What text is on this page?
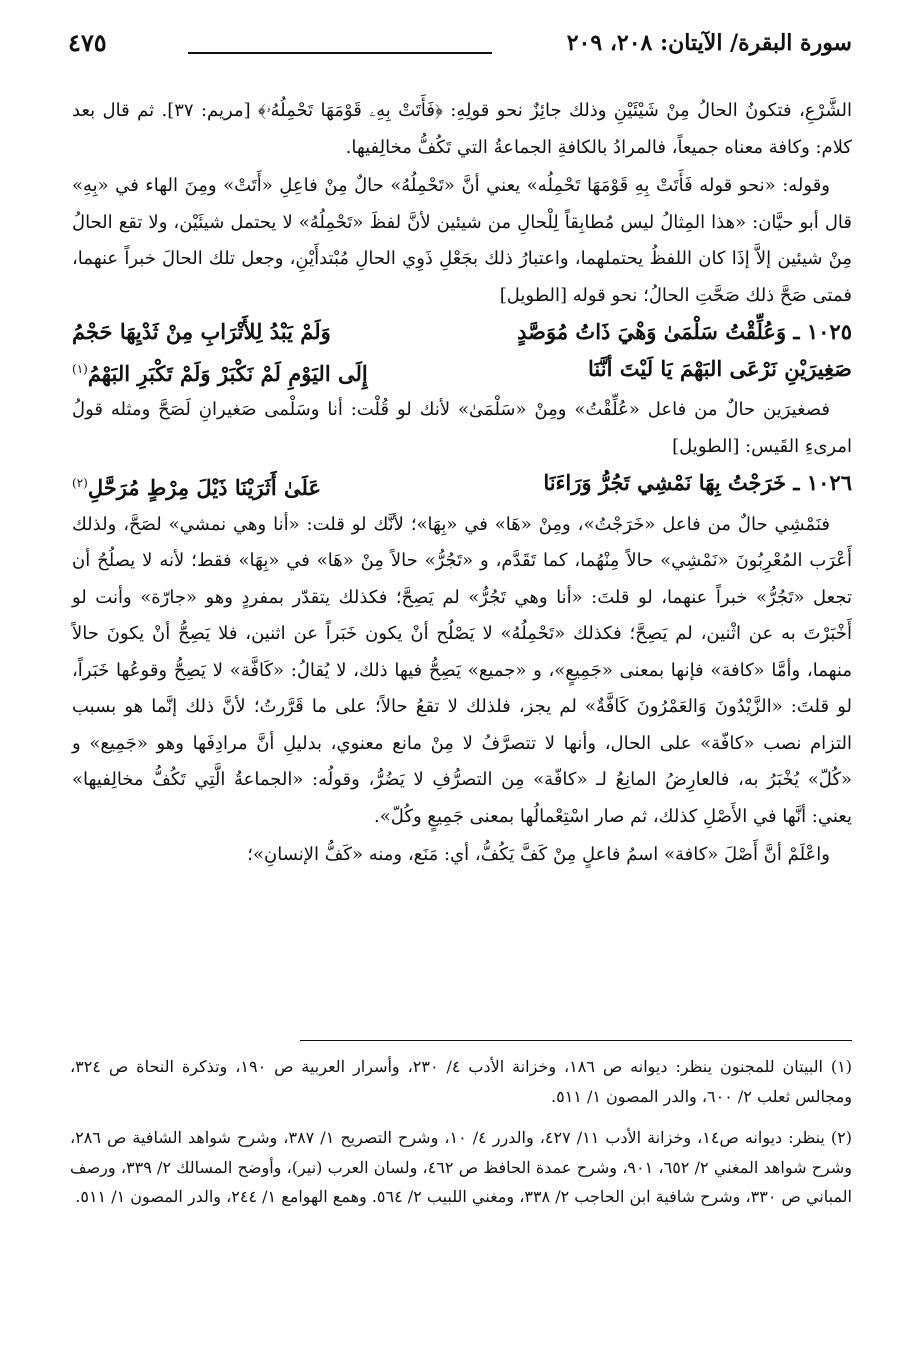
سورة البقرة/ الآيتان: ٢٠٨، ٢٠٩
٤٧٥

الشَّرْعِ، فتكونُ الحالُ مِنْ شَيْئَيْنِ وذلك جائِزٌ نحو قولِهِ: ﴿فَأَتَتْ بِهِۦ قَوْمَهَا تَحْمِلُهُۥ﴾ [مريم: ٣٧]. ثم قال بعد كلام: وكافة معناه جميعاً، فالمرادُ بالكافةِ الجماعةُ التي تَكُفُّ مخالِفيها.

وقوله: «نحو قوله فَأَتَتْ بِهِ قَوْمَهَا تَحْمِلُه» يعني أنَّ «تَحْمِلُهُ» حالٌ مِنْ فاعِلِ «أَتَتْ» ومِنَ الهاء في «بِهِ» قال أبو حيَّان: «هذا المِثالُ ليس مُطابِقاً لِلْحالِ من شيئين لأنَّ لفظَ «تَحْمِلُهُ» لا يحتمل شيئَيْن، ولا تقع الحالُ مِنْ شيئين إلاَّ إذَا كان اللفظُ يحتملهما، واعتبارُ ذلك بجَعْلِ ذَوِي الحالِ مُبْتدأَيْنِ، وجعل تلك الحالَ خبراً عنهما، فمتى صَحَّ ذلك صَحَّتِ الحالُ؛ نحو قوله [الطويل]

١٠٢٥ ـ وَعُلِّقْتُ سَلْمَىٰ وَهْيَ ذَاتُ مُوَصَّدٍ
وَلَمْ يَبْدُ لِلأَتْرَابِ مِنْ ثَدْيِهَا حَجْمُ
صَغِيرَيْنِ نَرْعَى البَهْمَ يَا لَيْتَ أنَّنَا
إِلَى اليَوْمِ لَمْ نَكْبَرْ وَلَمْ تَكْبَرِ البَهْمُ$^{(١)}$

فصغيرَين حالٌ من فاعل «عُلِّقْتُ» ومِنْ «سَلْمَىٰ» لأنك لو قُلْت: أنا وسَلْمى صَغيرانِ لَصَحَّ ومثله قولُ امرىءِ القَيس: [الطويل]

١٠٢٦ ـ خَرَجْتُ بِهَا نَمْشِي تَجُرُّ وَرَاءَنَا
عَلَىٰ أَثَرَيْنَا ذَيْلَ مِرْطٍ مُرَحَّلِ$^{(٢)}$

فنَمْشِي حالٌ من فاعل «خَرَجْتُ»، ومِنْ «هَا» في «بِهَا»؛ لأنَّك لو قلت: «أنا وهي نمشي» لصَحَّ، ولذلك أَعْرَب المُعْرِبُونَ «نَمْشِي» حالاً مِنْهُما، كما تَقَدَّم، و «تَجُرُّ» حالاً مِنْ «هَا» في «بِهَا» فقط؛ لأنه لا يصلُحُ أن تجعل «تَجُرُّ» خبراً عنهما، لو قلتَ: «أنا وهي تَجُرُّ» لم يَصِحَّ؛ فكذلك يتقدّر بمفردٍ وهو «جارّة» وأنت لو أَخْبَرْتَ به عن اثْنين، لم يَصِحَّ؛ فكذلك «تَحْمِلُهُ» لا يَصْلُح أنْ يكون خَبَراً عن اثنين، فلا يَصِحُّ أنْ يكونَ حالاً منهما، وأمَّا «كافة» فإنها بمعنى «جَمِيعٍ»، و «جميع» يَصِحُّ فيها ذلك، لا يُقالُ: «كَافَّة» لا يَصِحُّ وقوعُها خَبَراً، لو قلتَ: «الزَّيْدُونَ وَالعَمْرُونَ كَافَّةٌ» لم يجز، فلذلك لا تقعُ حالاً؛ على ما قَرَّرتُ؛ لأنَّ ذلك إنَّما هو بسبب التزام نصب «كافّة» على الحال، وأنها لا تتصرَّفُ لا مِنْ مانع معنوي، بدليلِ أنَّ مرادِفَها وهو «جَمِيع» و «كُلّ» يُخْبَرُ به، فالعارِضُ المانِعُ لـ «كافّة» مِن التصرُّفِ لا يَضُرُّ، وقولُه: «الجماعةُ الَّتِي تَكُفُّ مخالِفيها» يعني: أنَّها في الأَصْلِ كذلك، ثم صار اسْتِعْمالُها بمعنى جَمِيعٍ وكُلّ».

واعْلَمْ أنَّ أَصْلَ «كافة» اسمُ فاعلٍ مِنْ كَفَّ يَكُفُّ، أي: مَنَع، ومنه «كَفُّ الإنسانِ»؛

(١) البيتان للمجنون ينظر: ديوانه ص ١٨٦، وخزانة الأدب ٤/ ٢٣٠، وأسرار العربية ص ١٩٠، وتذكرة النحاة ص ٣٢٤، ومجالس ثعلب ٢/ ٦٠٠، والدر المصون ١/ ٥١١.

(٢) ينظر: ديوانه ص١٤، وخزانة الأدب ١١/ ٤٢٧، والدرر ٤/ ١٠، وشرح التصريح ١/ ٣٨٧، وشرح شواهد الشافية ص ٢٨٦، وشرح شواهد المغني ٢/ ٦٥٢، ٩٠١، وشرح عمدة الحافظ ص ٤٦٢، ولسان العرب (نير)، وأوضح المسالك ٢/ ٣٣٩، ورصف المباني ص ٣٣٠، وشرح شافية ابن الحاجب ٢/ ٣٣٨، ومغني اللبيب ٢/ ٥٦٤. وهمع الهوامع ١/ ٢٤٤، والدر المصون ١/ ٥١١.
